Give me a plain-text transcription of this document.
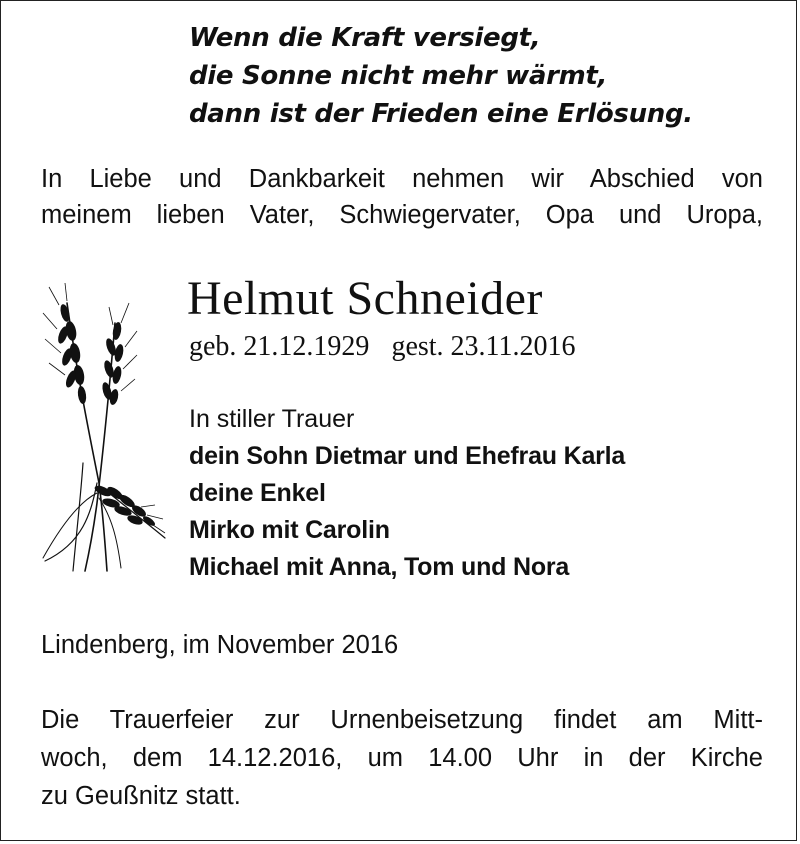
Wenn die Kraft versiegt,
die Sonne nicht mehr wärmt,
dann ist der Frieden eine Erlösung.
In Liebe und Dankbarkeit nehmen wir Abschied von
meinem lieben Vater, Schwiegervater, Opa und Uropa,
Helmut Schneider
geb. 21.12.1929 gest. 23.11.2016
In stiller Trauer
dein Sohn Dietmar und Ehefrau Karla
deine Enkel
Mirko mit Carolin
Michael mit Anna, Tom und Nora
Lindenberg, im November 2016
Die Trauerfeier zur Urnenbeisetzung findet am Mitt-
woch, dem 14.12.2016, um 14.00 Uhr in der Kirche
zu Geußnitz statt.
